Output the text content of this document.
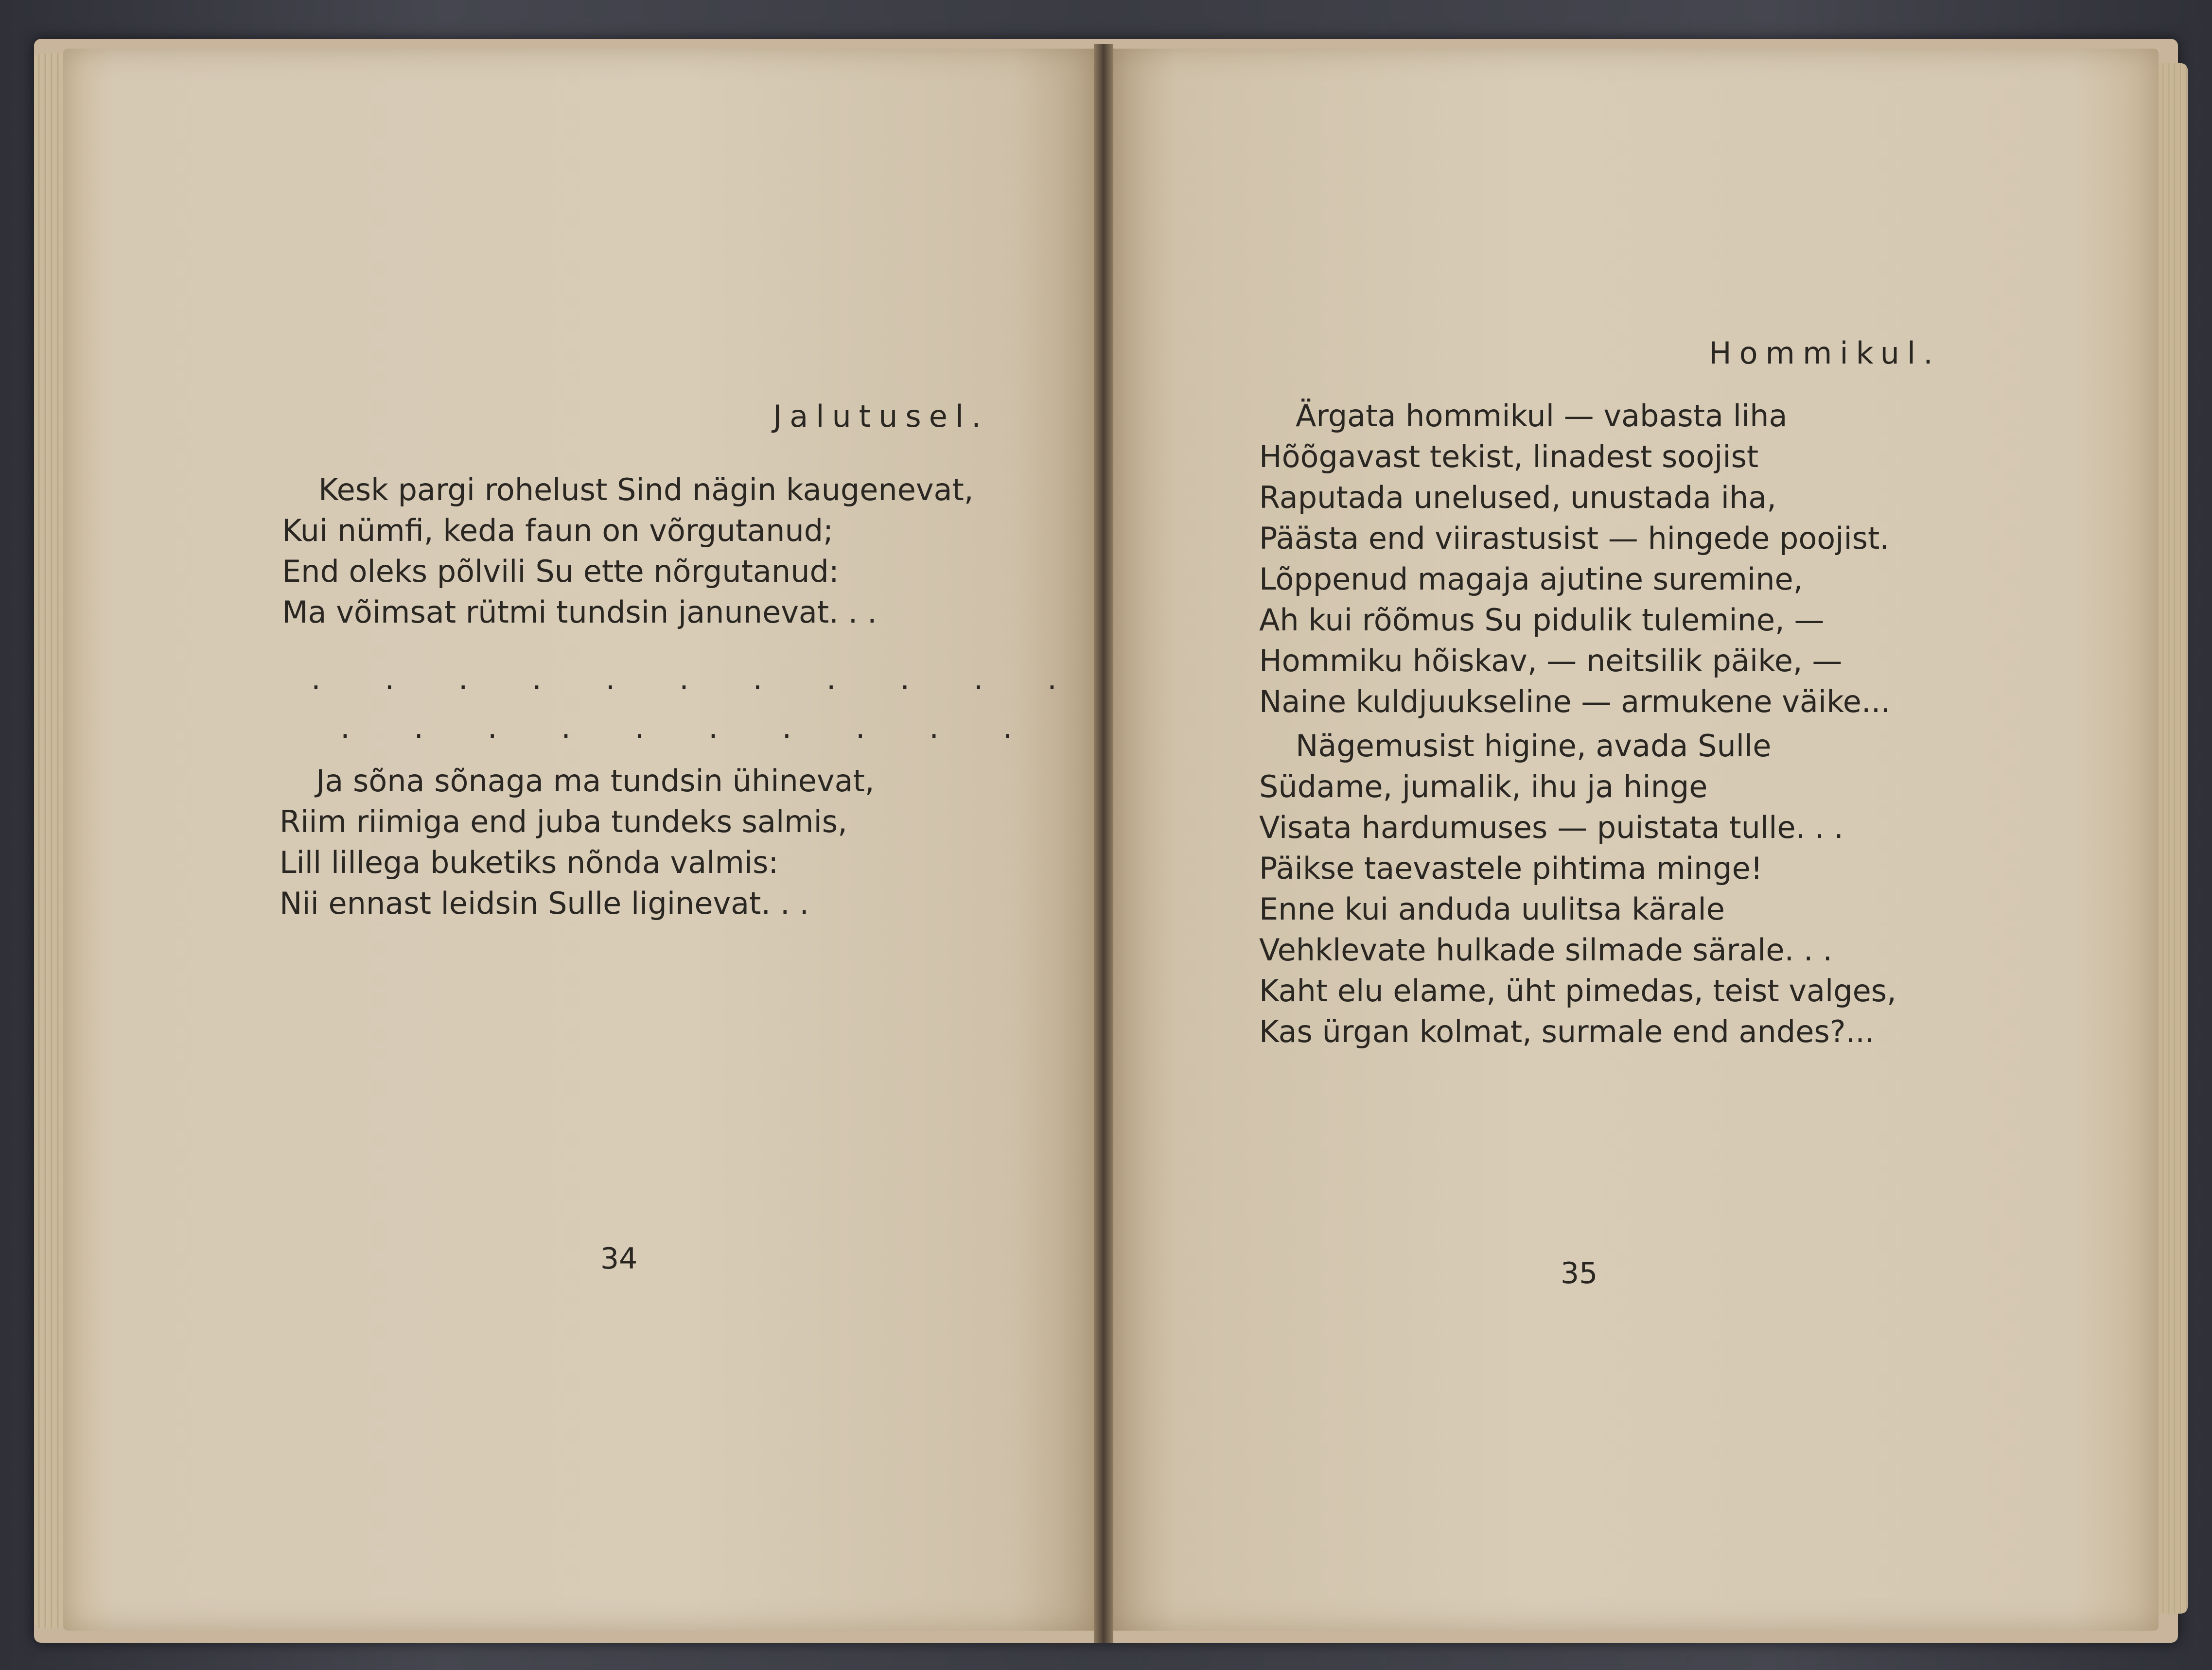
Jalutusel.
Kesk pargi rohelust Sind nägin kaugenevat,
Kui nümfi, keda faun on võrgutanud;
End oleks põlvili Su ette nõrgutanud:
Ma võimsat rütmi tundsin janunevat. . .
. . . . . . . . . . .
. . . . . . . . . .
Ja sõna sõnaga ma tundsin ühinevat,
Riim riimiga end juba tundeks salmis,
Lill lillega buketiks nõnda valmis:
Nii ennast leidsin Sulle liginevat. . .
34
Hommikul.
Ärgata hommikul — vabasta liha
Hõõgavast tekist, linadest soojist
Raputada unelused, unustada iha,
Päästa end viirastusist — hingede poojist.
Lõppenud magaja ajutine suremine,
Ah kui rõõmus Su pidulik tulemine, —
Hommiku hõiskav, — neitsilik päike, —
Naine kuldjuukseline — armukene väike...
Nägemusist higine, avada Sulle
Südame, jumalik, ihu ja hinge
Visata hardumuses — puistata tulle. . .
Päikse taevastele pihtima minge!
Enne kui anduda uulitsa kärale
Vehklevate hulkade silmade särale. . .
Kaht elu elame, üht pimedas, teist valges,
Kas ürgan kolmat, surmale end andes?...
35
